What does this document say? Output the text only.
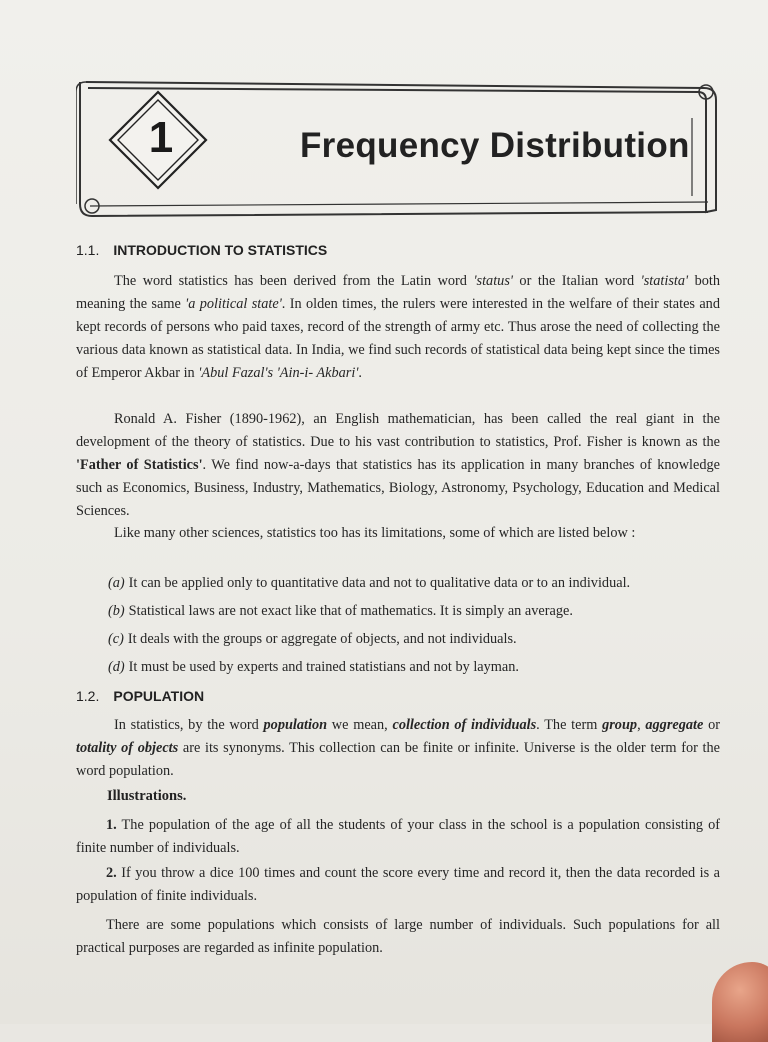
1	Frequency Distribution
1.1. INTRODUCTION TO STATISTICS
The word statistics has been derived from the Latin word 'status' or the Italian word 'statista' both meaning the same 'a political state'. In olden times, the rulers were interested in the welfare of their states and kept records of persons who paid taxes, record of the strength of army etc. Thus arose the need of collecting the various data known as statistical data. In India, we find such records of statistical data being kept since the times of Emperor Akbar in 'Abul Fazal's 'Ain-i- Akbari'.
Ronald A. Fisher (1890-1962), an English mathematician, has been called the real giant in the development of the theory of statistics. Due to his vast contribution to statistics, Prof. Fisher is known as the 'Father of Statistics'. We find now-a-days that statistics has its application in many branches of knowledge such as Economics, Business, Industry, Mathematics, Biology, Astronomy, Psychology, Education and Medical Sciences.
Like many other sciences, statistics too has its limitations, some of which are listed below :
(a) It can be applied only to quantitative data and not to qualitative data or to an individual.
(b) Statistical laws are not exact like that of mathematics. It is simply an average.
(c) It deals with the groups or aggregate of objects, and not individuals.
(d) It must be used by experts and trained statistians and not by layman.
1.2. POPULATION
In statistics, by the word population we mean, collection of individuals. The term group, aggregate or totality of objects are its synonyms. This collection can be finite or infinite. Universe is the older term for the word population.
Illustrations.
1. The population of the age of all the students of your class in the school is a population consisting of finite number of individuals.
2. If you throw a dice 100 times and count the score every time and record it, then the data recorded is a population of finite individuals.
There are some populations which consists of large number of individuals. Such populations for all practical purposes are regarded as infinite population.
